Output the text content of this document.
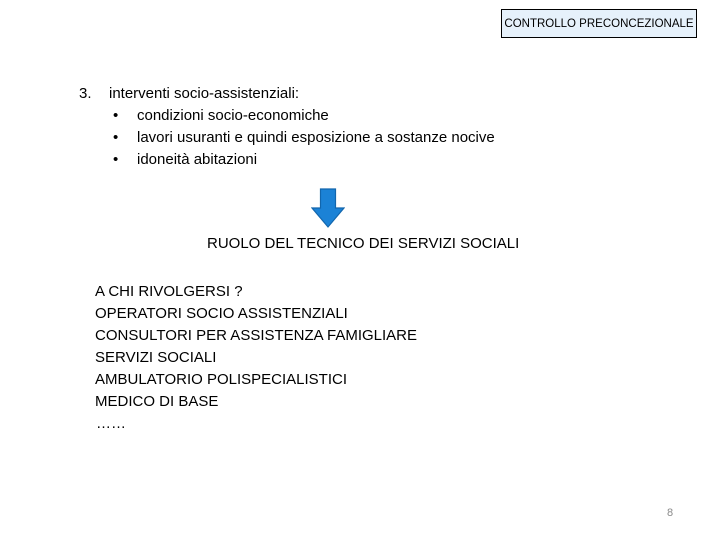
CONTROLLO PRECONCEZIONALE
3. interventi socio-assistenziali:
• condizioni socio-economiche
• lavori usuranti e quindi esposizione a sostanze nocive
• idoneità abitazioni
RUOLO DEL TECNICO DEI SERVIZI SOCIALI
A CHI RIVOLGERSI ?
OPERATORI SOCIO ASSISTENZIALI
CONSULTORI PER ASSISTENZA FAMIGLIARE
SERVIZI SOCIALI
AMBULATORIO POLISPECIALISTICI
MEDICO DI BASE
……
8
